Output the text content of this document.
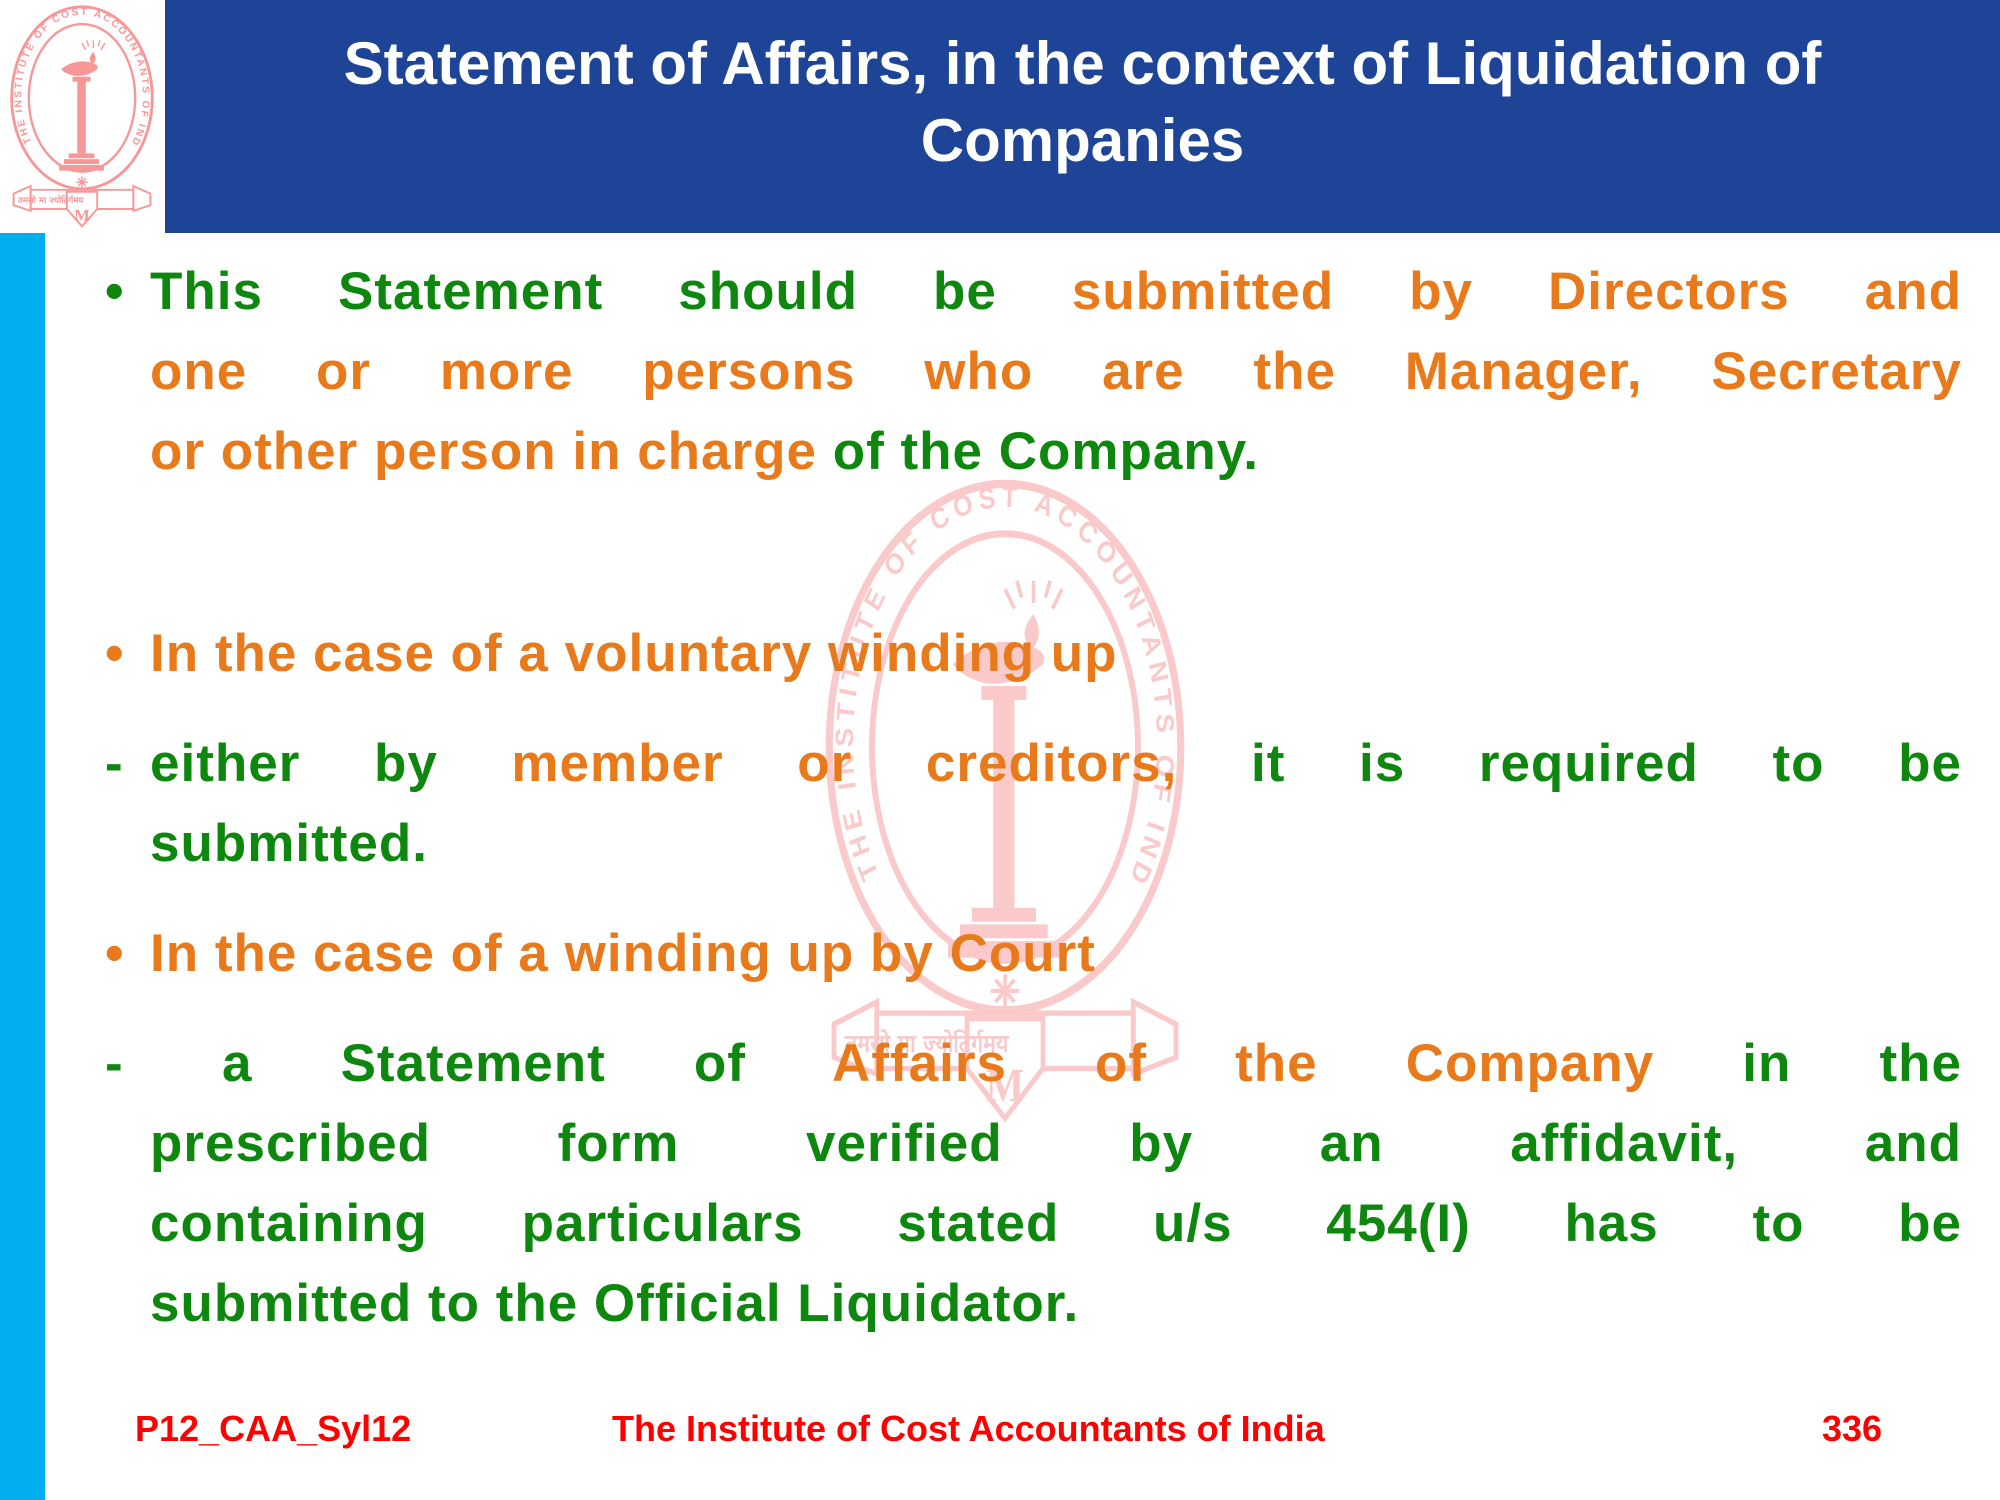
Statement of Affairs, in the context of Liquidation of
Companies
• This Statement should be submitted by Directors and
one or more persons who are the Manager, Secretary
or other person in charge of the Company.
• In the case of a voluntary winding up
- either by member or creditors, it is required to be
submitted.
• In the case of a winding up by Court
-	a Statement of Affairs of the Company in the
prescribed form verified by an affidavit, and
containing particulars stated u/s 454(I) has to be
submitted to the Official Liquidator.
P12_CAA_Syl12	The Institute of Cost Accountants of India	336
